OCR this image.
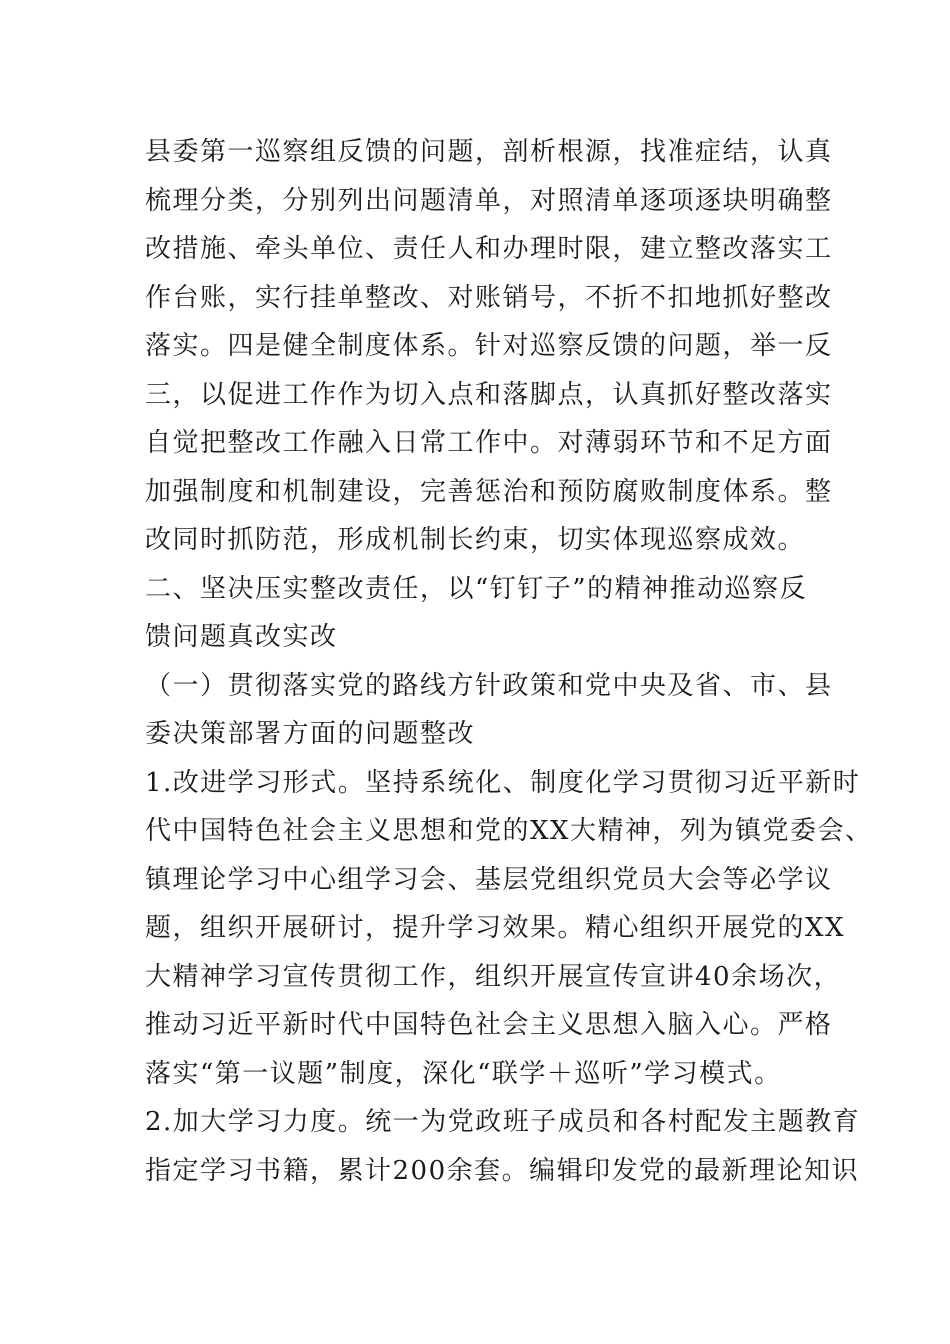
县委第一巡察组反馈的问题，剖析根源，找准症结，认真
梳理分类，分别列出问题清单，对照清单逐项逐块明确整
改措施、牵头单位、责任人和办理时限，建立整改落实工
作台账，实行挂单整改、对账销号，不折不扣地抓好整改
落实。四是健全制度体系。针对巡察反馈的问题，举一反
三，以促进工作作为切入点和落脚点，认真抓好整改落实
自觉把整改工作融入日常工作中。对薄弱环节和不足方面
加强制度和机制建设，完善惩治和预防腐败制度体系。整
改同时抓防范，形成机制长约束，切实体现巡察成效。
二、坚决压实整改责任，以“钉钉子”的精神推动巡察反
馈问题真改实改
（一）贯彻落实党的路线方针政策和党中央及省、市、县
委决策部署方面的问题整改
1.改进学习形式。坚持系统化、制度化学习贯彻习近平新时
代中国特色社会主义思想和党的XX大精神，列为镇党委会、
镇理论学习中心组学习会、基层党组织党员大会等必学议
题，组织开展研讨，提升学习效果。精心组织开展党的XX
大精神学习宣传贯彻工作，组织开展宣传宣讲40余场次，
推动习近平新时代中国特色社会主义思想入脑入心。严格
落实“第一议题”制度，深化“联学＋巡听”学习模式。
2.加大学习力度。统一为党政班子成员和各村配发主题教育
指定学习书籍，累计200余套。编辑印发党的最新理论知识
